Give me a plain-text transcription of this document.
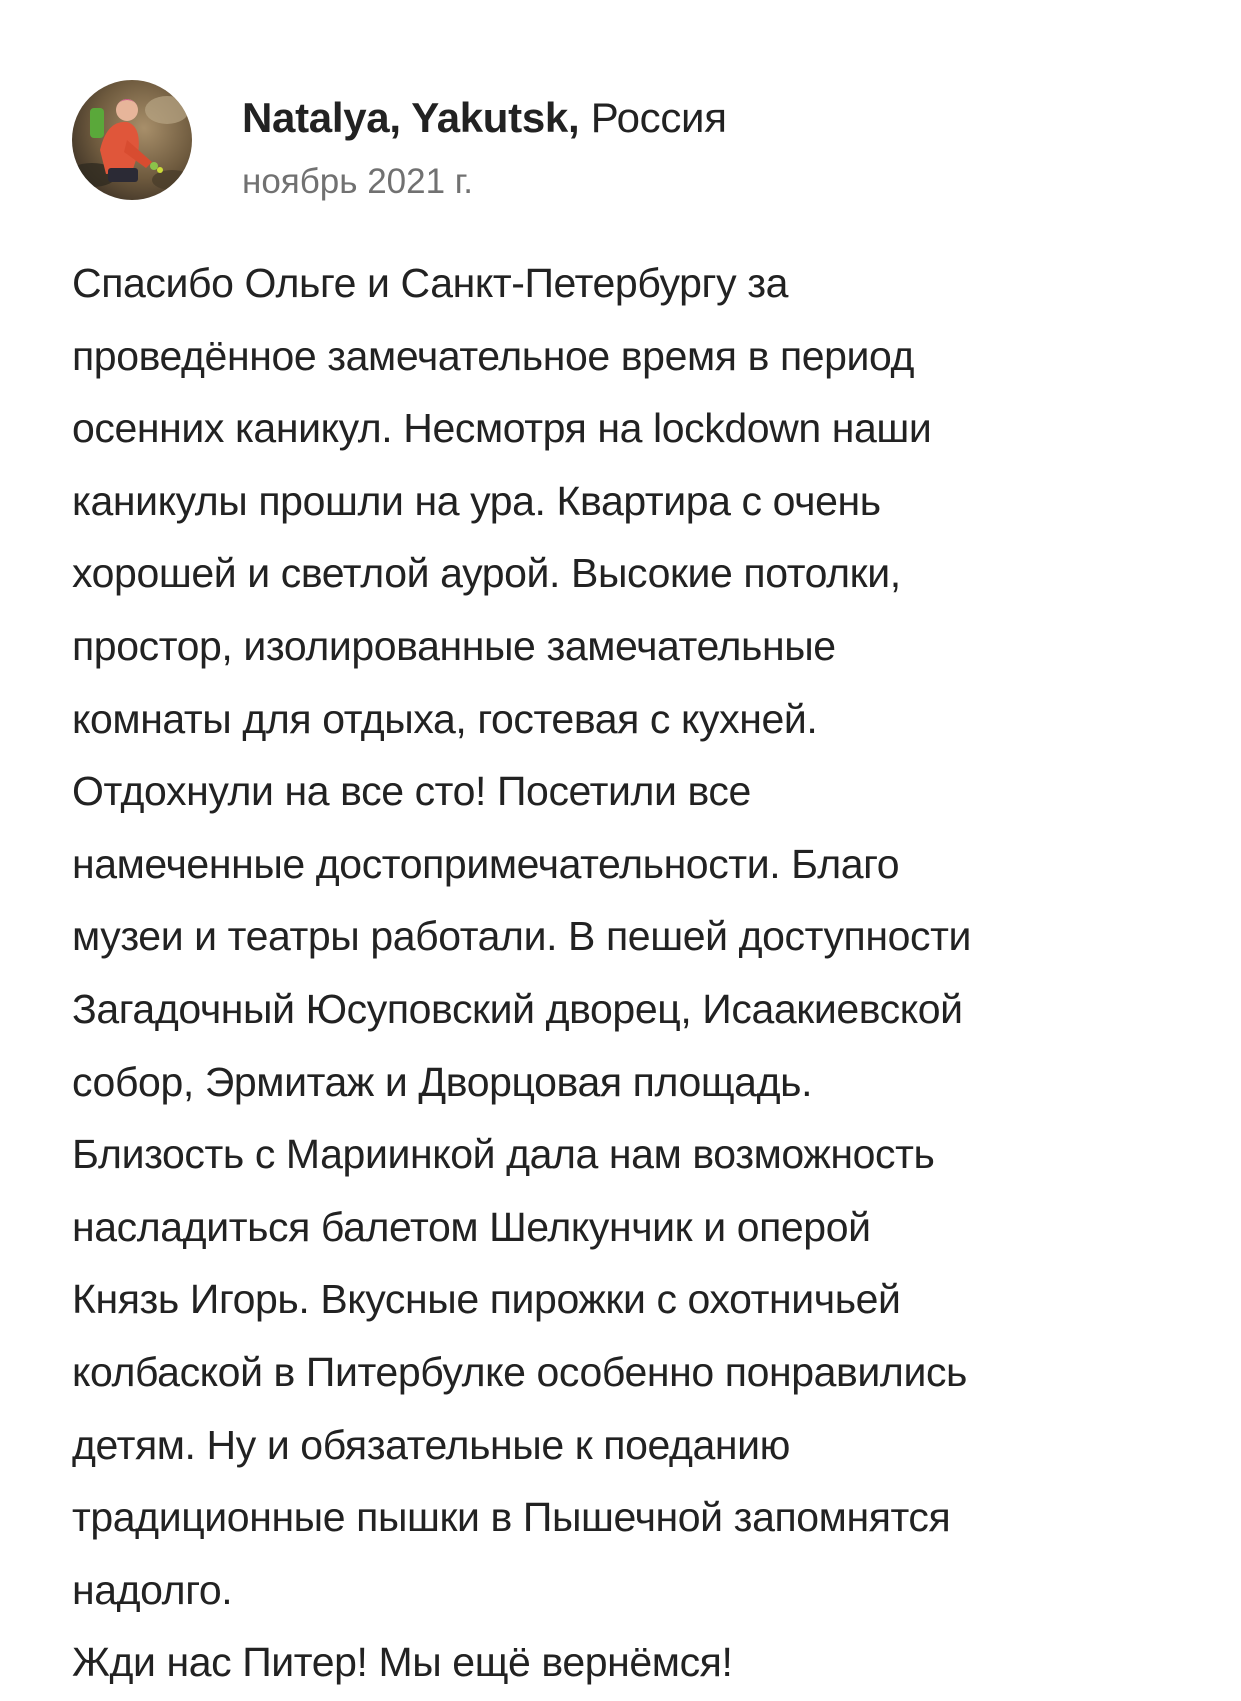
Natalya, Yakutsk, Россия
ноябрь 2021 г.
Спасибо Ольге и Санкт-Петербургу за
проведённое замечательное время в период
осенних каникул. Несмотря на lockdown наши
каникулы прошли на ура. Квартира с очень
хорошей и светлой аурой. Высокие потолки,
простор, изолированные замечательные
комнаты для отдыха, гостевая с кухней.
Отдохнули на все сто! Посетили все
намеченные достопримечательности. Благо
музеи и театры работали. В пешей доступности
Загадочный Юсуповский дворец, Исаакиевской
собор, Эрмитаж и Дворцовая площадь.
Близость с Мариинкой дала нам возможность
насладиться балетом Шелкунчик и оперой
Князь Игорь. Вкусные пирожки с охотничьей
колбаской в Питербулке особенно понравились
детям. Ну и обязательные к поеданию
традиционные пышки в Пышечной запомнятся
надолго.
Жди нас Питер! Мы ещё вернёмся!
